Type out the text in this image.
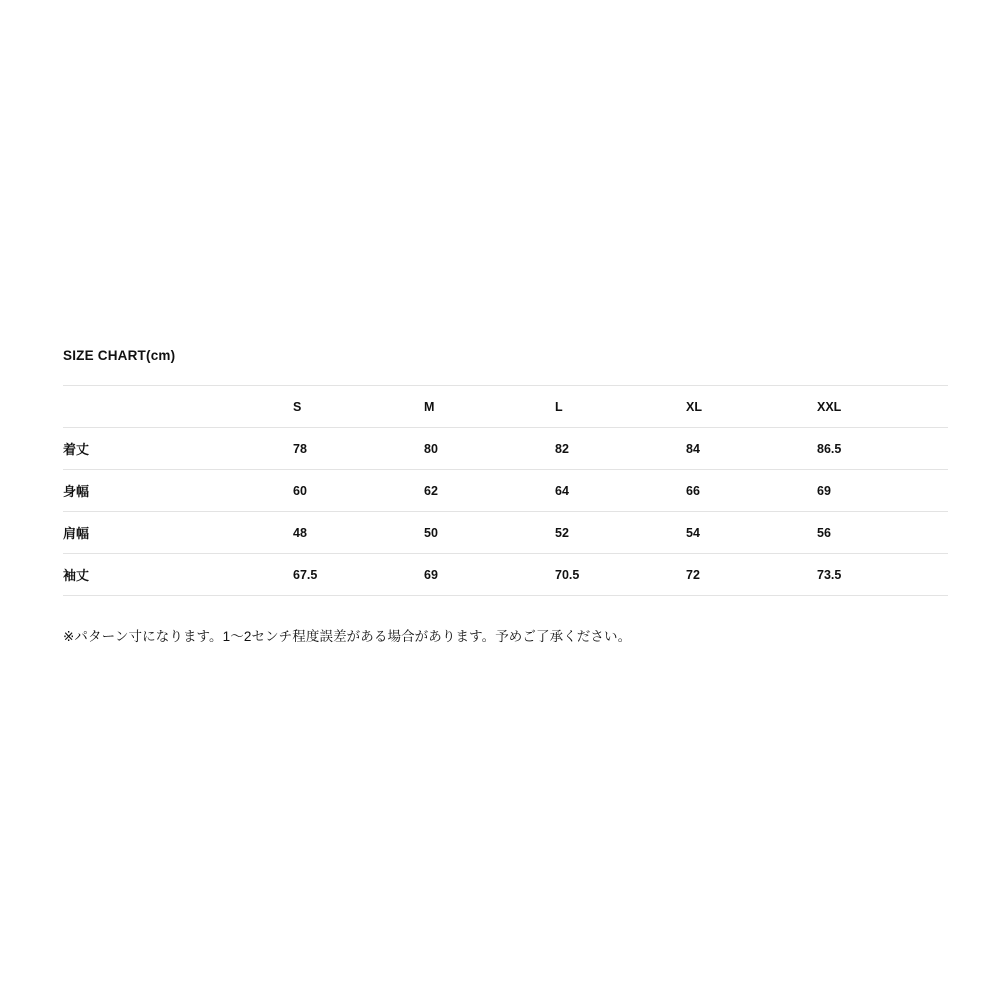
SIZE CHART(cm)
	S	M	L	XL	XXL
着丈	78	80	82	84	86.5
身幅	60	62	64	66	69
肩幅	48	50	52	54	56
袖丈	67.5	69	70.5	72	73.5
※パターン寸になります。1〜2センチ程度誤差がある場合があります。予めご了承ください。
